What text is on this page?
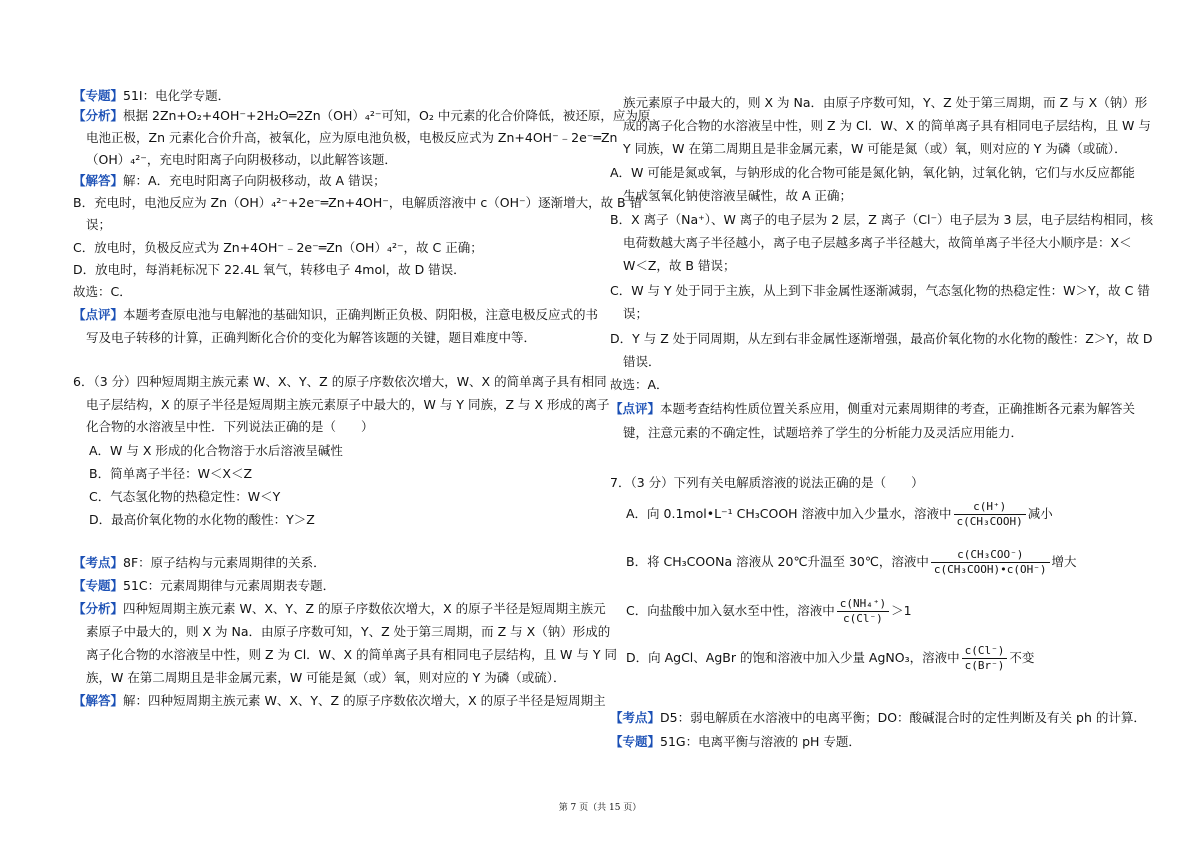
【专题】51I：电化学专题．
【分析】根据 2Zn+O₂+4OH⁻+2H₂O═2Zn（OH）₄²⁻可知，O₂ 中元素的化合价降低，被还原，应为原
电池正极，Zn 元素化合价升高，被氧化，应为原电池负极，电极反应式为 Zn+4OH⁻﹣2e⁻═Zn
（OH）₄²⁻，充电时阳离子向阴极移动，以此解答该题．
【解答】解：A．充电时阳离子向阴极移动，故 A 错误；
B．充电时，电池反应为 Zn（OH）₄²⁻+2e⁻═Zn+4OH⁻，电解质溶液中 c（OH⁻）逐渐增大，故 B 错
误；
C．放电时，负极反应式为 Zn+4OH⁻﹣2e⁻═Zn（OH）₄²⁻，故 C 正确；
D．放电时，每消耗标况下 22.4L 氧气，转移电子 4mol，故 D 错误．
故选：C．
【点评】本题考查原电池与电解池的基础知识，正确判断正负极、阴阳极，注意电极反应式的书
写及电子转移的计算，正确判断化合价的变化为解答该题的关键，题目难度中等．
6．（3 分）四种短周期主族元素 W、X、Y、Z 的原子序数依次增大，W、X 的简单离子具有相同
电子层结构，X 的原子半径是短周期主族元素原子中最大的，W 与 Y 同族，Z 与 X 形成的离子
化合物的水溶液呈中性．下列说法正确的是（　　）
A．W 与 X 形成的化合物溶于水后溶液呈碱性
B．简单离子半径：W＜X＜Z
C．气态氢化物的热稳定性：W＜Y
D．最高价氧化物的水化物的酸性：Y＞Z
【考点】8F：原子结构与元素周期律的关系．
【专题】51C：元素周期律与元素周期表专题．
【分析】四种短周期主族元素 W、X、Y、Z 的原子序数依次增大，X 的原子半径是短周期主族元
素原子中最大的，则 X 为 Na．由原子序数可知，Y、Z 处于第三周期，而 Z 与 X（钠）形成的
离子化合物的水溶液呈中性，则 Z 为 Cl．W、X 的简单离子具有相同电子层结构，且 W 与 Y 同
族，W 在第二周期且是非金属元素，W 可能是氮（或）氧，则对应的 Y 为磷（或硫）．
【解答】解：四种短周期主族元素 W、X、Y、Z 的原子序数依次增大，X 的原子半径是短周期主
族元素原子中最大的，则 X 为 Na．由原子序数可知，Y、Z 处于第三周期，而 Z 与 X（钠）形
成的离子化合物的水溶液呈中性，则 Z 为 Cl．W、X 的简单离子具有相同电子层结构，且 W 与
Y 同族，W 在第二周期且是非金属元素，W 可能是氮（或）氧，则对应的 Y 为磷（或硫）．
A．W 可能是氮或氧，与钠形成的化合物可能是氮化钠，氧化钠，过氧化钠，它们与水反应都能
生成氢氧化钠使溶液呈碱性，故 A 正确；
B．X 离子（Na⁺）、W 离子的电子层为 2 层，Z 离子（Cl⁻）电子层为 3 层，电子层结构相同，核
电荷数越大离子半径越小，离子电子层越多离子半径越大，故简单离子半径大小顺序是：X＜
W＜Z，故 B 错误；
C．W 与 Y 处于同于主族，从上到下非金属性逐渐减弱，气态氢化物的热稳定性：W＞Y，故 C 错
误；
D．Y 与 Z 处于同周期，从左到右非金属性逐渐增强，最高价氧化物的水化物的酸性：Z＞Y，故 D
错误．
故选：A．
【点评】本题考查结构性质位置关系应用，侧重对元素周期律的考查，正确推断各元素为解答关
键，注意元素的不确定性，试题培养了学生的分析能力及灵活应用能力．
7．（3 分）下列有关电解质溶液的说法正确的是（　　）
A．向 0.1mol•L⁻¹ CH₃COOH 溶液中加入少量水，溶液中 $\frac{c(H^+)}{\text{c(CH₃COOH)}}$ 减小
B．将 CH₃COONa 溶液从 20℃升温至 30℃，溶液中 $\frac{\text{c(CH₃COO⁻)}}{\text{c(CH₃COOH)•c(OH⁻)}}$ 增大
C．向盐酸中加入氨水至中性，溶液中 $\frac{\text{c(NH₄⁺)}}{c(Cl^-)} >1$
D．向 AgCl、AgBr 的饱和溶液中加入少量 AgNO₃，溶液中 $\frac{c(Cl^-)}{c(Br^-)}$ 不变
【考点】D5：弱电解质在水溶液中的电离平衡；DO：酸碱混合时的定性判断及有关 ph 的计算．
【专题】51G：电离平衡与溶液的 pH 专题．
第 7 页（共 15 页）
